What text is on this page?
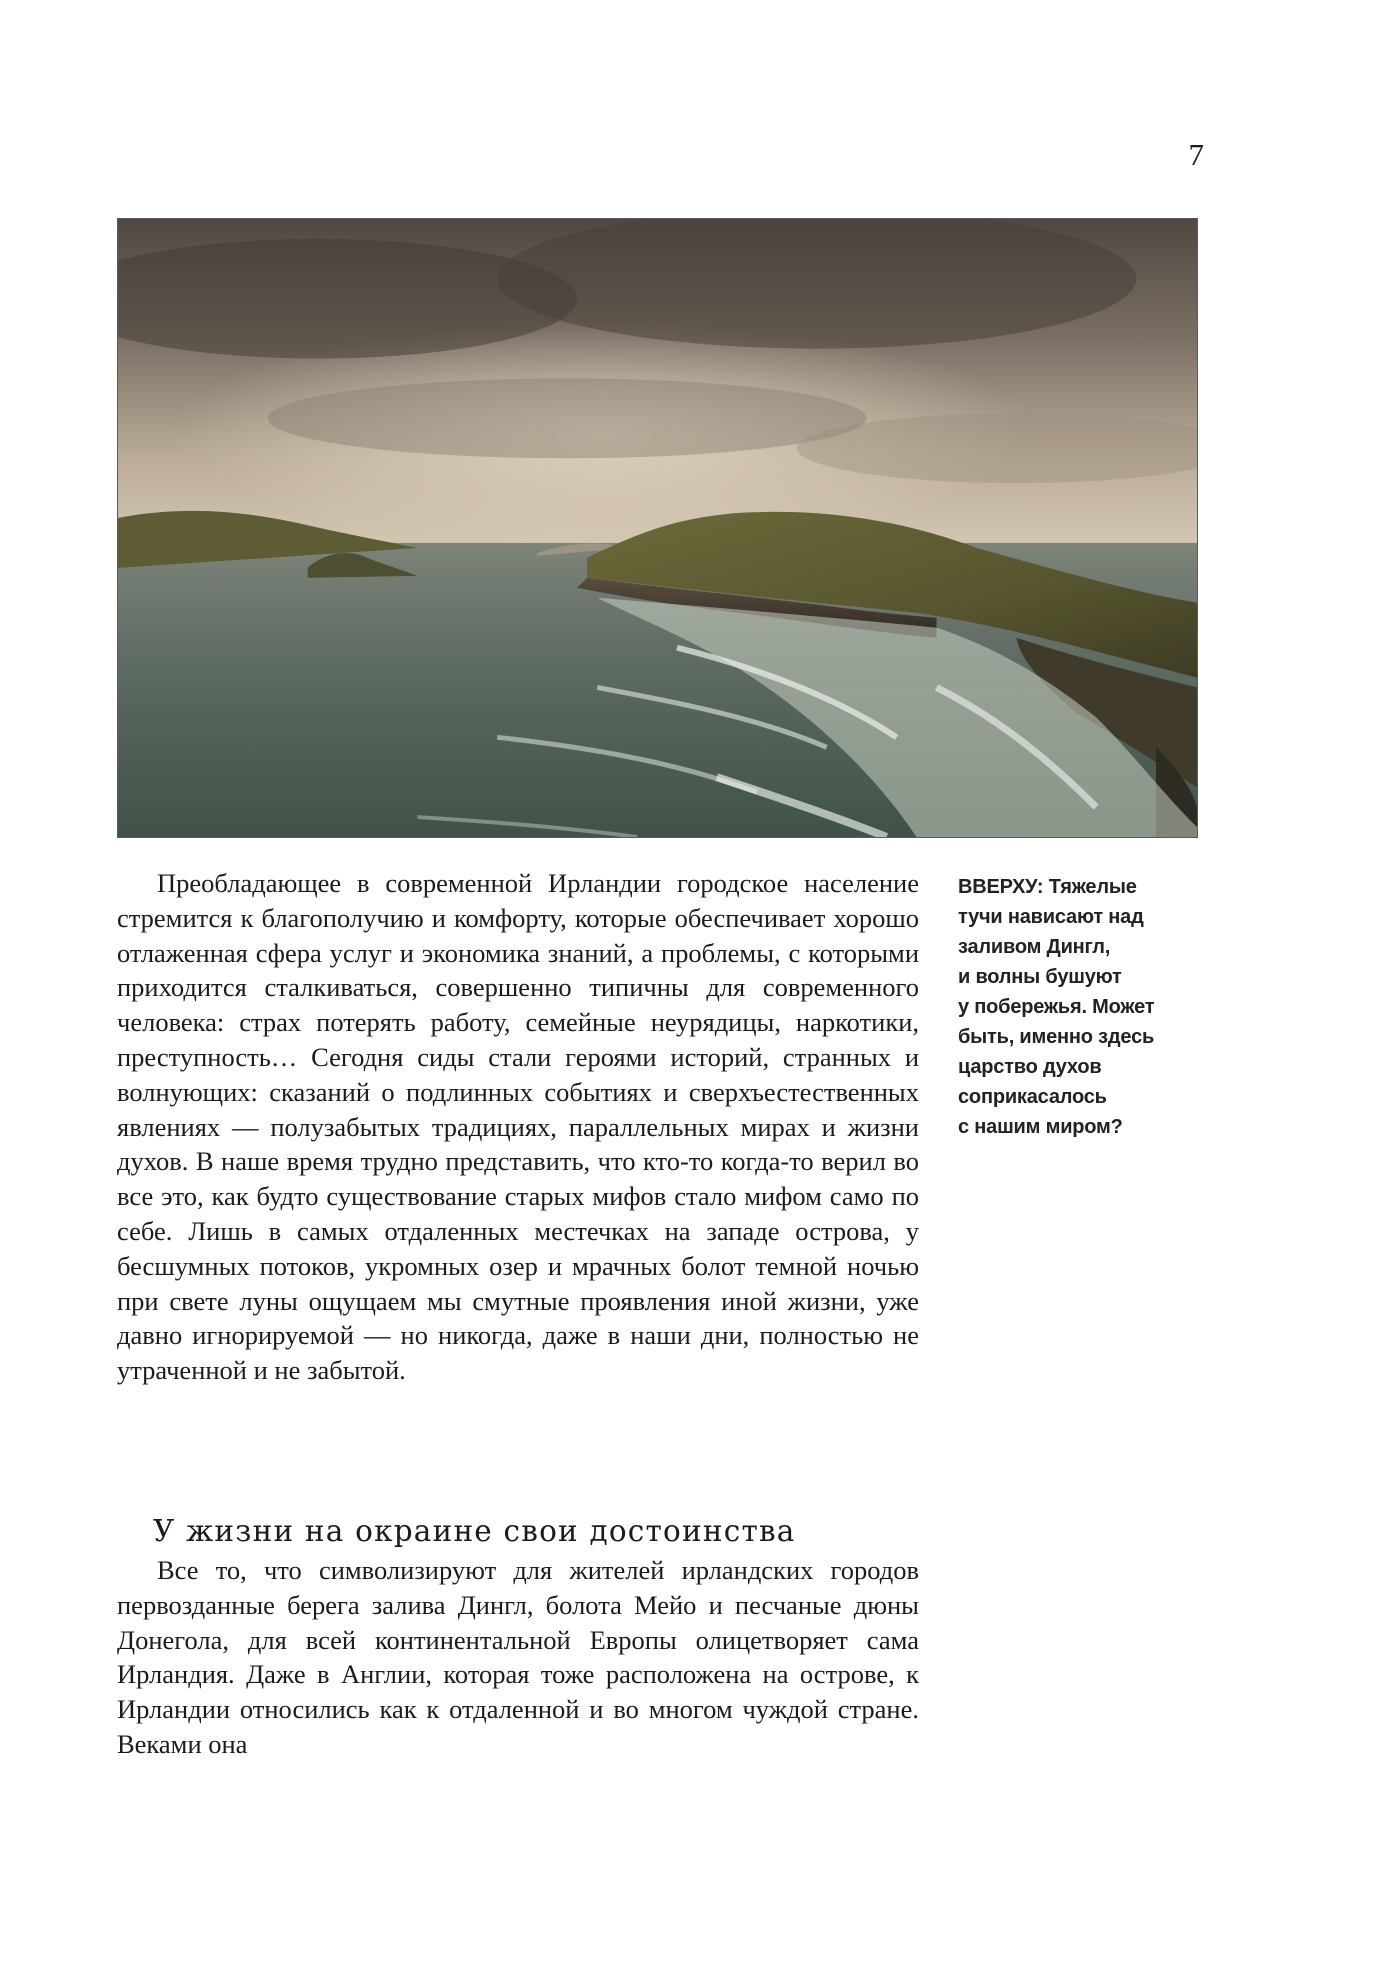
7

Преобладающее в современной Ирландии городское население стремится к благополучию и комфорту, которые обеспечивает хорошо отлаженная сфера услуг и экономика знаний, а проблемы, с которыми приходится сталкиваться, совершенно типичны для современного человека: страх потерять работу, семейные неурядицы, наркотики, преступность… Сегодня сиды стали героями историй, странных и волнующих: сказаний о подлинных событиях и сверхъестественных явлениях — полузабытых традициях, параллельных мирах и жизни духов. В наше время трудно представить, что кто-то когда-то верил во все это, как будто существование старых мифов стало мифом само по себе. Лишь в самых отдаленных местечках на западе острова, у бесшумных потоков, укромных озер и мрачных болот темной ночью при свете луны ощущаем мы смутные проявления иной жизни, уже давно игнорируемой — но никогда, даже в наши дни, полностью не утраченной и не забытой.

ВВЕРХУ: Тяжелые
тучи нависают над
заливом Дингл,
и волны бушуют
у побережья. Может
быть, именно здесь
царство духов
соприкасалось
с нашим миром?

У жизни на окраине свои достоинства

Все то, что символизируют для жителей ирландских городов первозданные берега залива Дингл, болота Мейо и песчаные дюны Донегола, для всей континентальной Европы олицетворяет сама Ирландия. Даже в Англии, которая тоже расположена на острове, к Ирландии относились как к отдаленной и во многом чуждой стране. Веками она
